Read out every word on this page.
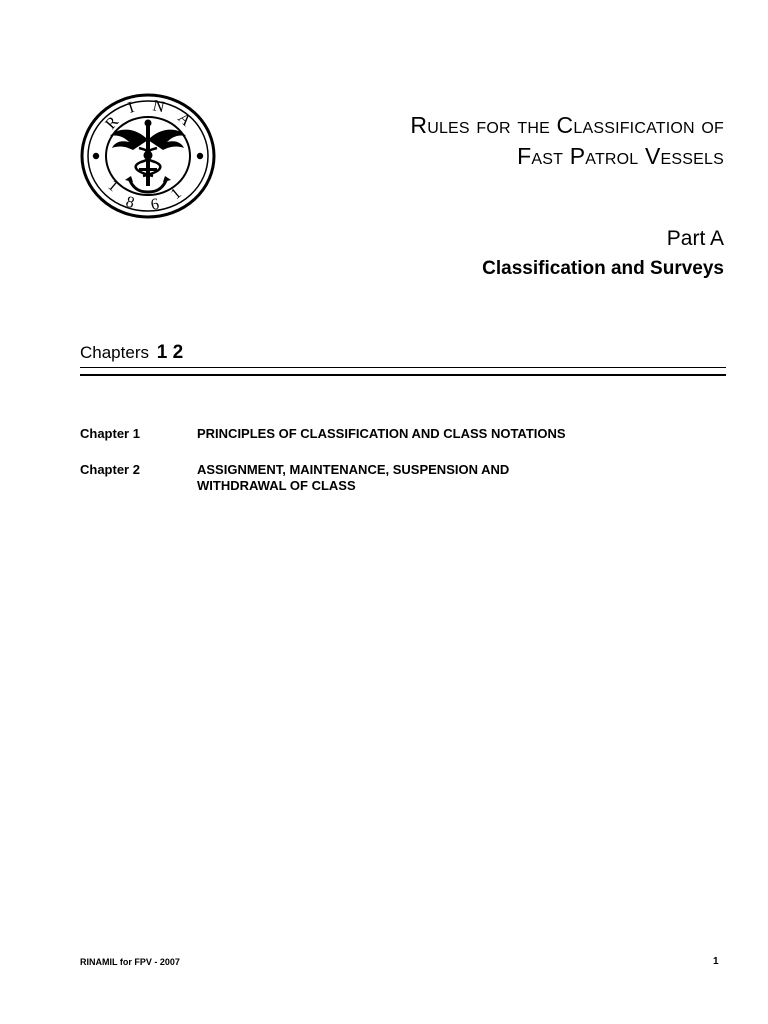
R
I N
A
1
8 6
1
Rules for the Classification of
Fast Patrol Vessels
Part A
Classification and Surveys
Chapters 1 2
Chapter 1	PRINCIPLES OF CLASSIFICATION AND CLASS NOTATIONS
Chapter 2	ASSIGNMENT, MAINTENANCE, SUSPENSION AND WITHDRAWAL OF CLASS
RINAMIL for FPV - 2007	1
